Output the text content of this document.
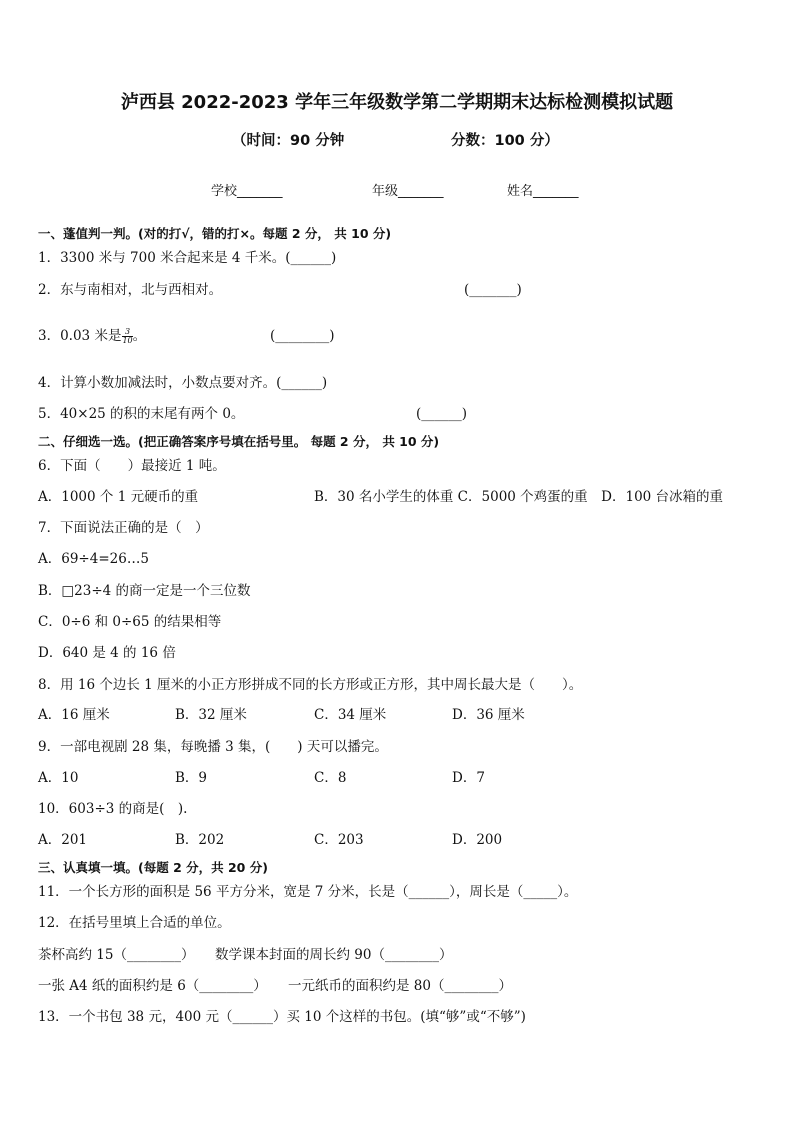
泸西县 2022-2023 学年三年级数学第二学期期末达标检测模拟试题
（时间：90 分钟	分数：100 分）
学校_______	年级_______	姓名_______
一、蓬值判一判。(对的打√，错的打×。每题 2 分， 共 10 分)
1．3300 米与 700 米合起来是 4 千米。(______)
2．东与南相对，北与西相对。	(_______)
3．0.03 米是 $\frac{3}{10}$ 。	(________)
4．计算小数加减法时，小数点要对齐。(______)
5．40×25 的积的末尾有两个 0。	(______)
二、仔细选一选。(把正确答案序号填在括号里。 每题 2 分， 共 10 分)
6．下面（　　）最接近 1 吨。
A．1000 个 1 元硬币的重	B．30 名小学生的体重 C．5000 个鸡蛋的重　D．100 台冰箱的重
7．下面说法正确的是（　）
A．69÷4=26…5
B．□23÷4 的商一定是一个三位数
C．0÷6 和 0÷65 的结果相等
D．640 是 4 的 16 倍
8．用 16 个边长 1 厘米的小正方形拼成不同的长方形或正方形，其中周长最大是（　　）。
A．16 厘米	B．32 厘米	C．34 厘米	D．36 厘米
9．一部电视剧 28 集，每晚播 3 集，(　　) 天可以播完。
A．10	B．9	C．8	D．7
10．603÷3 的商是(　).
A．201	B．202	C．203	D．200
三、认真填一填。(每题 2 分，共 20 分)
11．一个长方形的面积是 56 平方分米，宽是 7 分米，长是（______），周长是（_____）。
12．在括号里填上合适的单位。
茶杯高约 15（________） 数学课本封面的周长约 90（________）
一张 A4 纸的面积约是 6（________） 一元纸币的面积约是 80（________）
13．一个书包 38 元，400 元（______）买 10 个这样的书包。(填“够”或“不够”)
